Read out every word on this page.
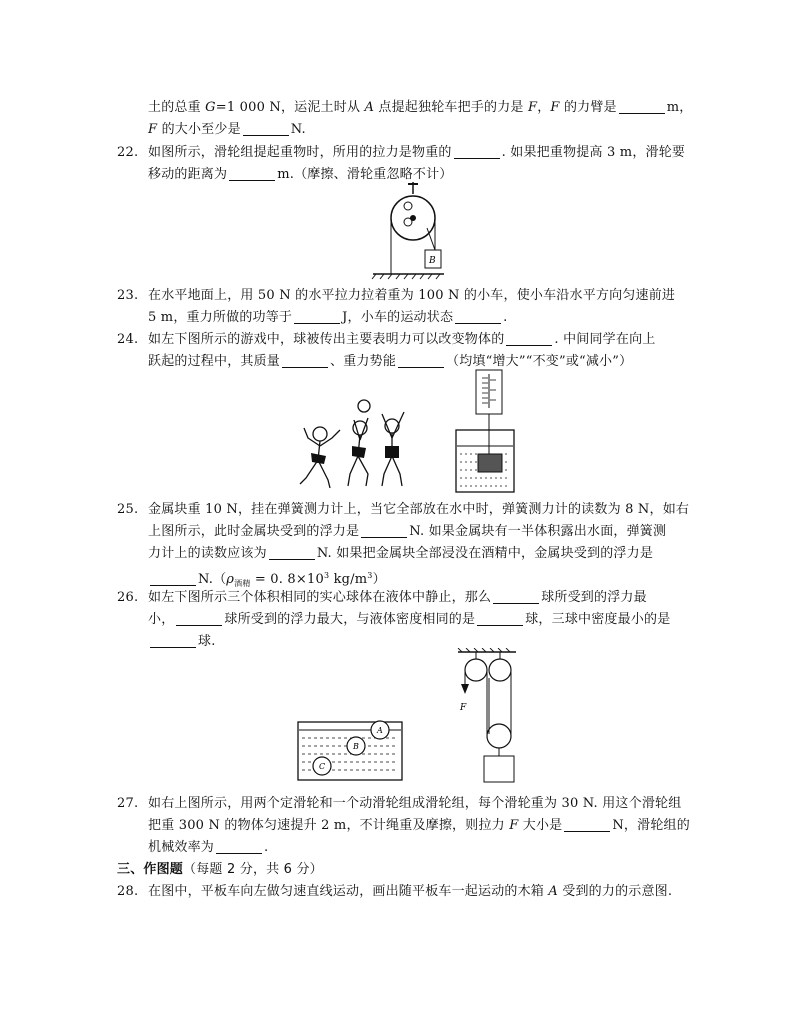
土的总重 G=1 000 N，运泥土时从 A 点提起独轮车把手的力是 F，F 的力臂是	m，
F 的大小至少是	N.
22. 如图所示，滑轮组提起重物时，所用的拉力是物重的	. 如果把重物提高 3 m，滑轮要
移动的距离为	m.（摩擦、滑轮重忽略不计）
B
23. 在水平地面上，用 50 N 的水平拉力拉着重为 100 N 的小车，使小车沿水平方向匀速前进
5 m，重力所做的功等于	J，小车的运动状态	.
24. 如左下图所示的游戏中，球被传出主要表明力可以改变物体的	. 中间同学在向上
跃起的过程中，其质量	、重力势能	（均填“增大”“不变”或“减小”）
25. 金属块重 10 N，挂在弹簧测力计上，当它全部放在水中时，弹簧测力计的读数为 8 N，如右
上图所示，此时金属块受到的浮力是	N. 如果金属块有一半体积露出水面，弹簧测
力计上的读数应该为	N. 如果把金属块全部浸没在酒精中，金属块受到的浮力是
$N.(\rho_{酒精} = 0$. $8\times 10^3$ $kg/m^3$）
26. 如左下图所示三个体积相同的实心球体在液体中静止，那么	球所受到的浮力最
小，	球所受到的浮力最大，与液体密度相同的是	球，三球中密度最小的是
球.
A
B
C
F
27. 如右上图所示，用两个定滑轮和一个动滑轮组成滑轮组，每个滑轮重为 30 N. 用这个滑轮组
把重 300 N 的物体匀速提升 2 m，不计绳重及摩擦，则拉力 F 大小是	N，滑轮组的
机械效率为	.
三、作图题（每题 2 分，共 6 分）
28. 在图中，平板车向左做匀速直线运动，画出随平板车一起运动的木箱 A 受到的力的示意图.
